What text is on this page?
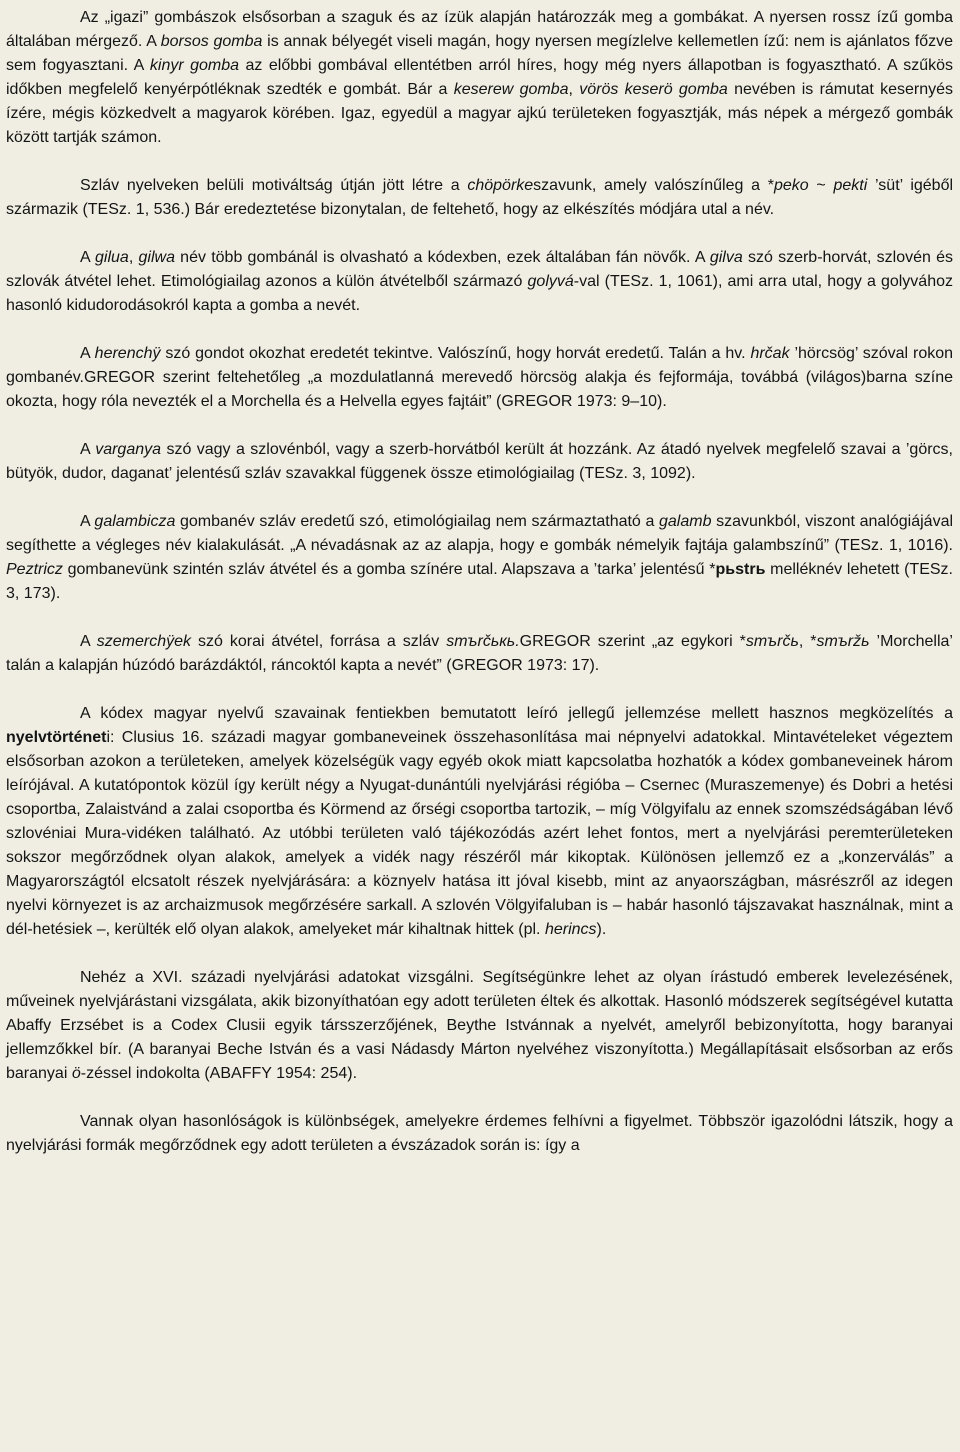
Az „igazi” gombászok elsősorban a szaguk és az ízük alapján határozzák meg a gombákat. A nyersen rossz ízű gomba általában mérgező. A borsos gomba is annak bélyegét viseli magán, hogy nyersen megízlelve kellemetlen ízű: nem is ajánlatos főzve sem fogyasztani. A kinyr gomba az előbbi gombával ellentétben arról híres, hogy még nyers állapotban is fogyasztható. A szűkös időkben megfelelő kenyérpótléknak szedték e gombát. Bár a keserew gomba, vörös keserö gomba nevében is rámutat kesernyés ízére, mégis közkedvelt a magyarok körében. Igaz, egyedül a magyar ajkú területeken fogyasztják, más népek a mérgező gombák között tartják számon.

Szláv nyelveken belüli motiváltság útján jött létre a chöpörkeszavunk, amely valószínűleg a *peko ~ pekti ’süt’ igéből származik (TESz. 1, 536.) Bár eredeztetése bizonytalan, de feltehető, hogy az elkészítés módjára utal a név.

A gilua, gilwa név több gombánál is olvasható a kódexben, ezek általában fán növők. A gilva szó szerb-horvát, szlovén és szlovák átvétel lehet. Etimológiailag azonos a külön átvételből származó golyvá-val (TESz. 1, 1061), ami arra utal, hogy a golyvához hasonló kidudorodásokról kapta a gomba a nevét.

A herenchÿ szó gondot okozhat eredetét tekintve. Valószínű, hogy horvát eredetű. Talán a hv. hrčak ’hörcsög’ szóval rokon gombanév.GREGOR szerint feltehetőleg „a mozdulatlanná merevedő hörcsög alakja és fejformája, továbbá (világos)barna színe okozta, hogy róla nevezték el a Morchella és a Helvella egyes fajtáit” (GREGOR 1973: 9–10).

A varganya szó vagy a szlovénból, vagy a szerb-horvátból került át hozzánk. Az átadó nyelvek megfelelő szavai a ’görcs, bütyök, dudor, daganat’ jelentésű szláv szavakkal függenek össze etimológiailag (TESz. 3, 1092).

A galambicza gombanév szláv eredetű szó, etimológiailag nem származtatható a galamb szavunkból, viszont analógiájával segíthette a végleges név kialakulását. „A névadásnak az az alapja, hogy e gombák némelyik fajtája galambszínű” (TESz. 1, 1016). Peztricz gombanevünk szintén szláv átvétel és a gomba színére utal. Alapszava a ’tarka’ jelentésű *pьstrь melléknév lehetett (TESz. 3, 173).

A szemerchÿek szó korai átvétel, forrása a szláv smъrčькь.GREGOR szerint „az egykori *smъrčь, *smъržь ’Morchella’ talán a kalapján húzódó barázdáktól, ráncoktól kapta a nevét” (GREGOR 1973: 17).

A kódex magyar nyelvű szavainak fentiekben bemutatott leíró jellegű jellemzése mellett hasznos megközelítés a nyelvtörténeti: Clusius 16. századi magyar gombaneveinek összehasonlítása mai népnyelvi adatokkal. Mintavételeket végeztem elsősorban azokon a területeken, amelyek közelségük vagy egyéb okok miatt kapcsolatba hozhatók a kódex gombaneveinek három leírójával. A kutatópontok közül így került négy a Nyugat-dunántúli nyelvjárási régióba – Csernec (Muraszemenye) és Dobri a hetési csoportba, Zalaistvánd a zalai csoportba és Körmend az őrségi csoportba tartozik, – míg Völgyifalu az ennek szomszédságában lévő szlovéniai Mura-vidéken található. Az utóbbi területen való tájékozódás azért lehet fontos, mert a nyelvjárási peremterületeken sokszor megőrződnek olyan alakok, amelyek a vidék nagy részéről már kikoptak. Különösen jellemző ez a „konzerválás” a Magyarországtól elcsatolt részek nyelvjárására: a köznyelv hatása itt jóval kisebb, mint az anyaországban, másrészről az idegen nyelvi környezet is az archaizmusok megőrzésére sarkall. A szlovén Völgyifaluban is – habár hasonló tájszavakat használnak, mint a dél-hetésiek –, kerülték elő olyan alakok, amelyeket már kihaltnak hittek (pl. herincs).

Nehéz a XVI. századi nyelvjárási adatokat vizsgálni. Segítségünkre lehet az olyan írástudó emberek levelezésének, műveinek nyelvjárástani vizsgálata, akik bizonyíthatóan egy adott területen éltek és alkottak. Hasonló módszerek segítségével kutatta Abaffy Erzsébet is a Codex Clusii egyik társszerzőjének, Beythe Istvánnak a nyelvét, amelyről bebizonyította, hogy baranyai jellemzőkkel bír. (A baranyai Beche István és a vasi Nádasdy Márton nyelvéhez viszonyította.) Megállapításait elsősorban az erős baranyai ö-zéssel indokolta (ABAFFY 1954: 254).

Vannak olyan hasonlóságok is különbségek, amelyekre érdemes felhívni a figyelmet. Többször igazolódni látszik, hogy a nyelvjárási formák megőrződnek egy adott területen a évszázadok során is: így a
